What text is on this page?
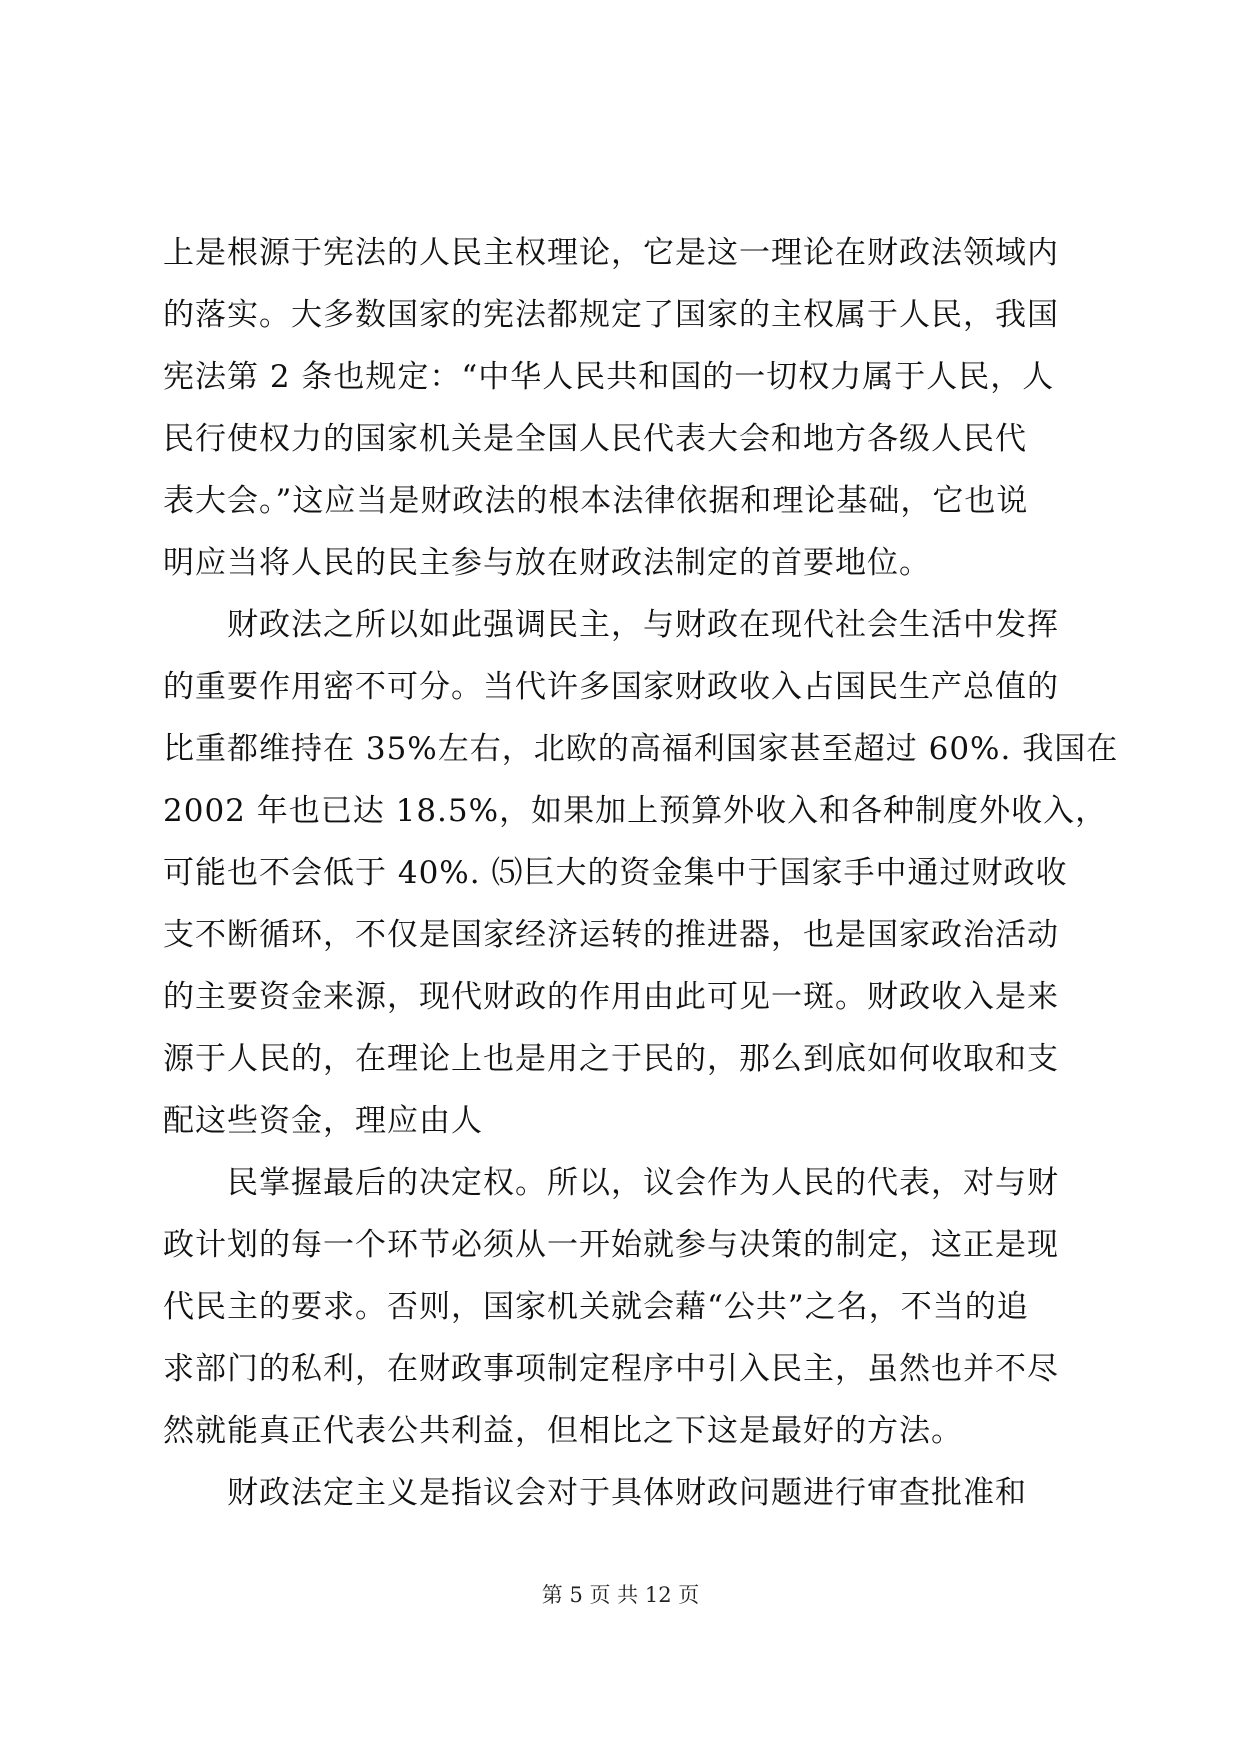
上是根源于宪法的人民主权理论，它是这一理论在财政法领域内
的落实。大多数国家的宪法都规定了国家的主权属于人民，我国
宪法第 2 条也规定：“中华人民共和国的一切权力属于人民，人
民行使权力的国家机关是全国人民代表大会和地方各级人民代
表大会。”这应当是财政法的根本法律依据和理论基础，它也说
明应当将人民的民主参与放在财政法制定的首要地位。
财政法之所以如此强调民主，与财政在现代社会生活中发挥
的重要作用密不可分。当代许多国家财政收入占国民生产总值的
比重都维持在 35%左右，北欧的高福利国家甚至超过 60%. 我国在
2002 年也已达 18.5%，如果加上预算外收入和各种制度外收入，
可能也不会低于 40%. ⑸巨大的资金集中于国家手中通过财政收
支不断循环，不仅是国家经济运转的推进器，也是国家政治活动
的主要资金来源，现代财政的作用由此可见一斑。财政收入是来
源于人民的，在理论上也是用之于民的，那么到底如何收取和支
配这些资金，理应由人
民掌握最后的决定权。所以，议会作为人民的代表，对与财
政计划的每一个环节必须从一开始就参与决策的制定，这正是现
代民主的要求。否则，国家机关就会藉“公共”之名，不当的追
求部门的私利，在财政事项制定程序中引入民主，虽然也并不尽
然就能真正代表公共利益，但相比之下这是最好的方法。
财政法定主义是指议会对于具体财政问题进行审查批准和
第 5 页 共 12 页
